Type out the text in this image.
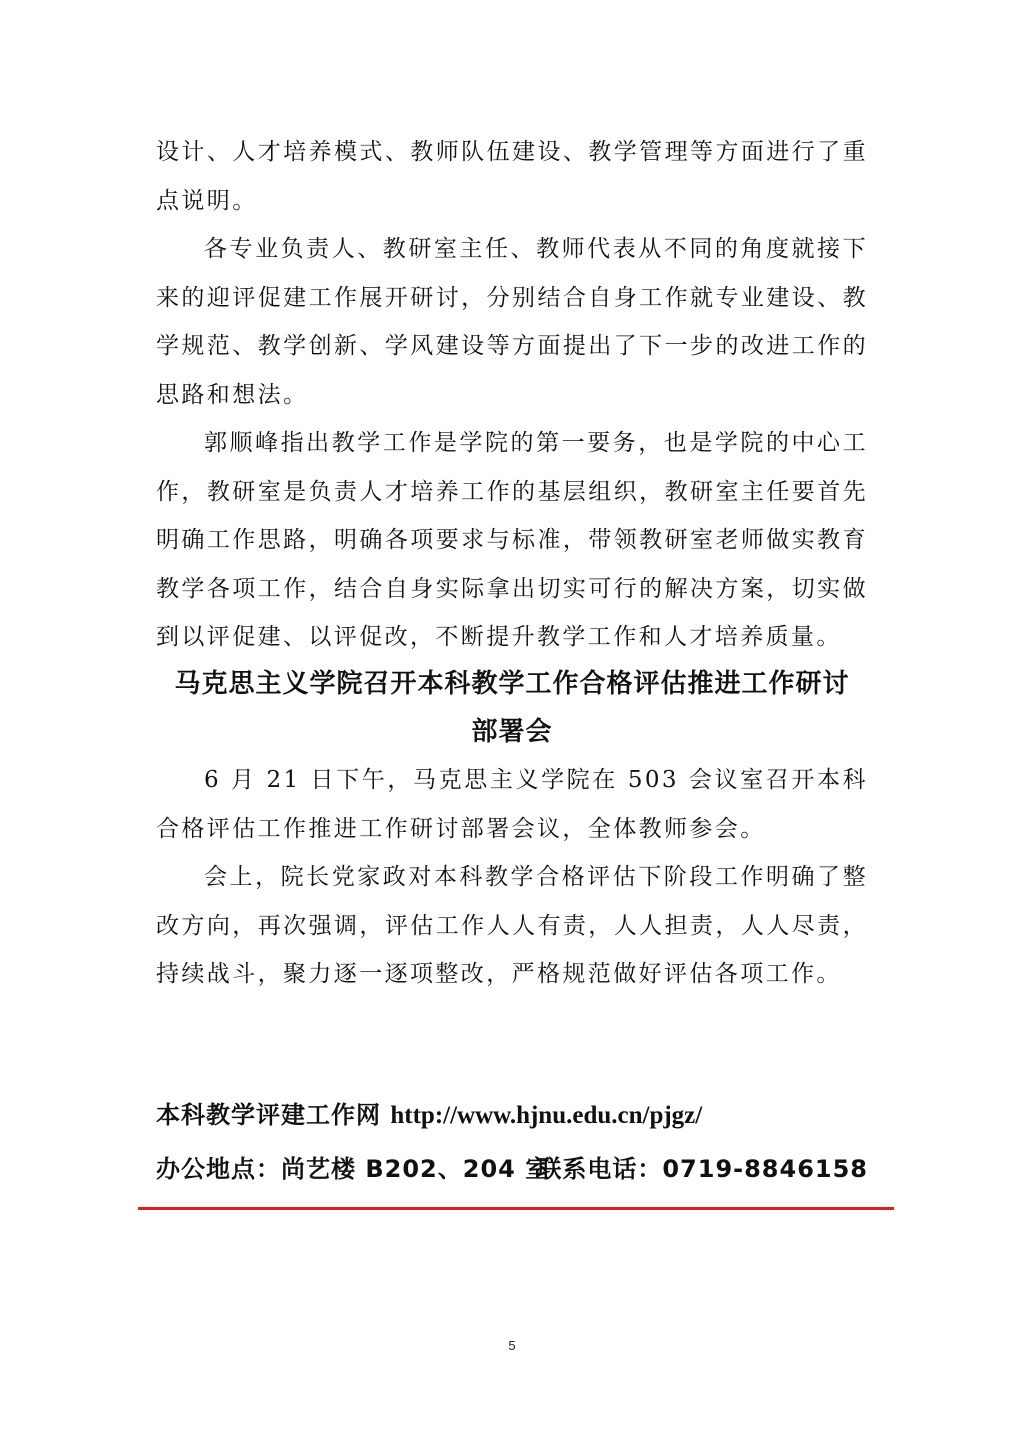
设计、人才培养模式、教师队伍建设、教学管理等方面进行了重点说明。

各专业负责人、教研室主任、教师代表从不同的角度就接下来的迎评促建工作展开研讨，分别结合自身工作就专业建设、教学规范、教学创新、学风建设等方面提出了下一步的改进工作的思路和想法。

郭顺峰指出教学工作是学院的第一要务，也是学院的中心工作，教研室是负责人才培养工作的基层组织，教研室主任要首先明确工作思路，明确各项要求与标准，带领教研室老师做实教育教学各项工作，结合自身实际拿出切实可行的解决方案，切实做到以评促建、以评促改，不断提升教学工作和人才培养质量。

马克思主义学院召开本科教学工作合格评估推进工作研讨
部署会

6 月 21 日下午，马克思主义学院在 503 会议室召开本科合格评估工作推进工作研讨部署会议，全体教师参会。

会上，院长党家政对本科教学合格评估下阶段工作明确了整改方向，再次强调，评估工作人人有责，人人担责，人人尽责，持续战斗，聚力逐一逐项整改，严格规范做好评估各项工作。

本科教学评建工作网 http://www.hjnu.edu.cn/pjgz/
办公地点：尚艺楼 B202、204 室
联系电话：0719-8846158
5
